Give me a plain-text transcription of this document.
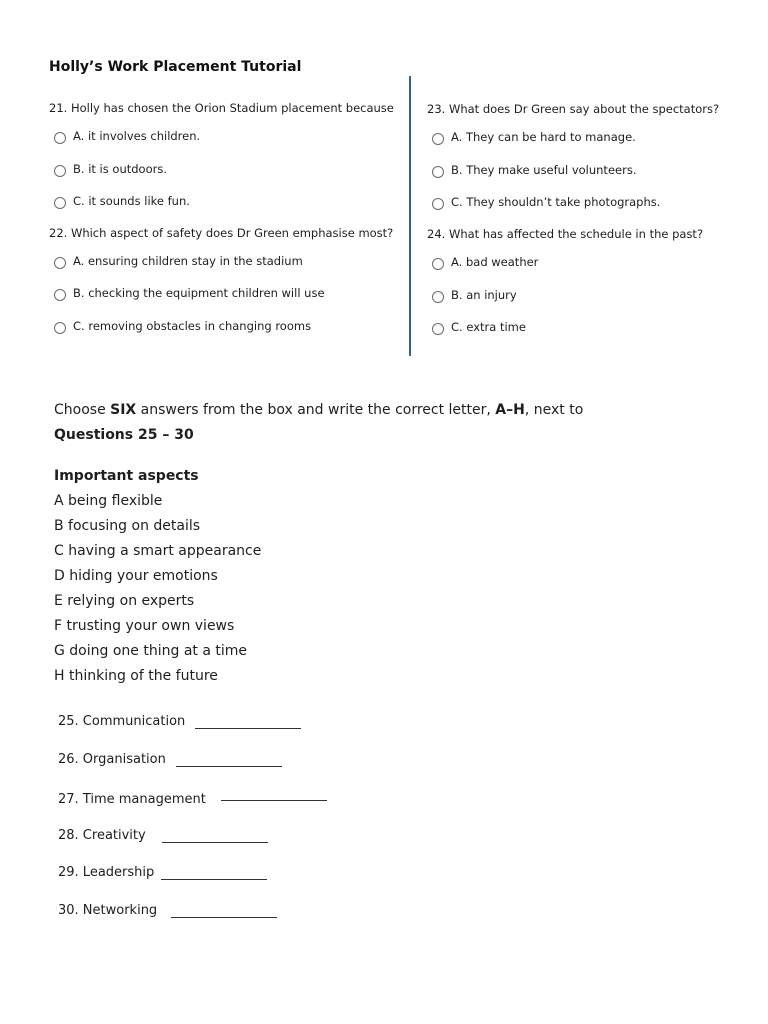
Holly’s Work Placement Tutorial
21. Holly has chosen the Orion Stadium placement because
A. it involves children.
B. it is outdoors.
C. it sounds like fun.
22. Which aspect of safety does Dr Green emphasise most?
A. ensuring children stay in the stadium
B. checking the equipment children will use
C. removing obstacles in changing rooms
23. What does Dr Green say about the spectators?
A. They can be hard to manage.
B. They make useful volunteers.
C. They shouldn’t take photographs.
24. What has affected the schedule in the past?
A. bad weather
B. an injury
C. extra time
Choose SIX answers from the box and write the correct letter, A–H, next to
Questions 25 – 30
Important aspects
A being flexible
B focusing on details
C having a smart appearance
D hiding your emotions
E relying on experts
F trusting your own views
G doing one thing at a time
H thinking of the future
25. Communication
26. Organisation
27. Time management
28. Creativity
29. Leadership
30. Networking
